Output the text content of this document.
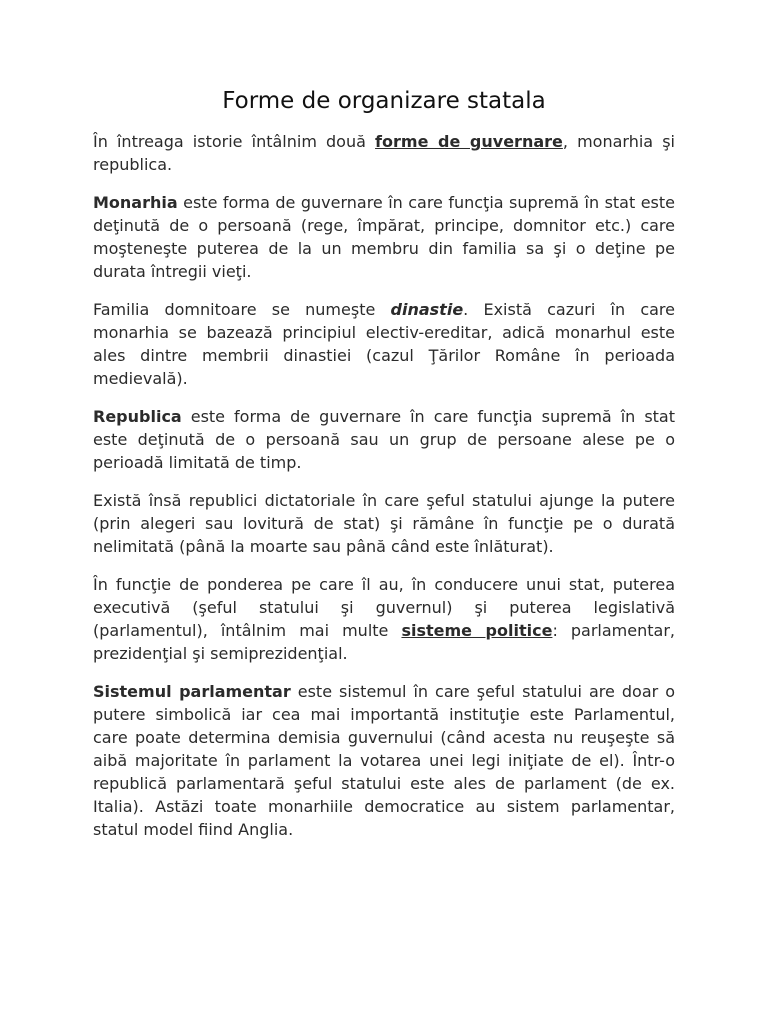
Forme de organizare statala

În întreaga istorie întâlnim două forme de guvernare, monarhia şi republica.

Monarhia este forma de guvernare în care funcţia supremă în stat este deţinută de o persoană (rege, împărat, principe, domnitor etc.) care moşteneşte puterea de la un membru din familia sa şi o deţine pe durata întregii vieţi.

Familia domnitoare se numeşte dinastie. Există cazuri în care monarhia se bazează principiul electiv-ereditar, adică monarhul este ales dintre membrii dinastiei (cazul Ţărilor Române în perioada medievală).

Republica este forma de guvernare în care funcţia supremă în stat este deţinută de o persoană sau un grup de persoane alese pe o perioadă limitată de timp.

Există însă republici dictatoriale în care şeful statului ajunge la putere (prin alegeri sau lovitură de stat) şi rămâne în funcţie pe o durată nelimitată (până la moarte sau până când este înlăturat).

În funcţie de ponderea pe care îl au, în conducere unui stat, puterea executivă (şeful statului şi guvernul) şi puterea legislativă (parlamentul), întâlnim mai multe sisteme politice: parlamentar, prezidenţial şi semiprezidenţial.

Sistemul parlamentar este sistemul în care şeful statului are doar o putere simbolică iar cea mai importantă instituţie este Parlamentul, care poate determina demisia guvernului (când acesta nu reuşeşte să aibă majoritate în parlament la votarea unei legi iniţiate de el). Într-o republică parlamentară şeful statului este ales de parlament (de ex. Italia). Astăzi toate monarhiile democratice au sistem parlamentar, statul model fiind Anglia.
